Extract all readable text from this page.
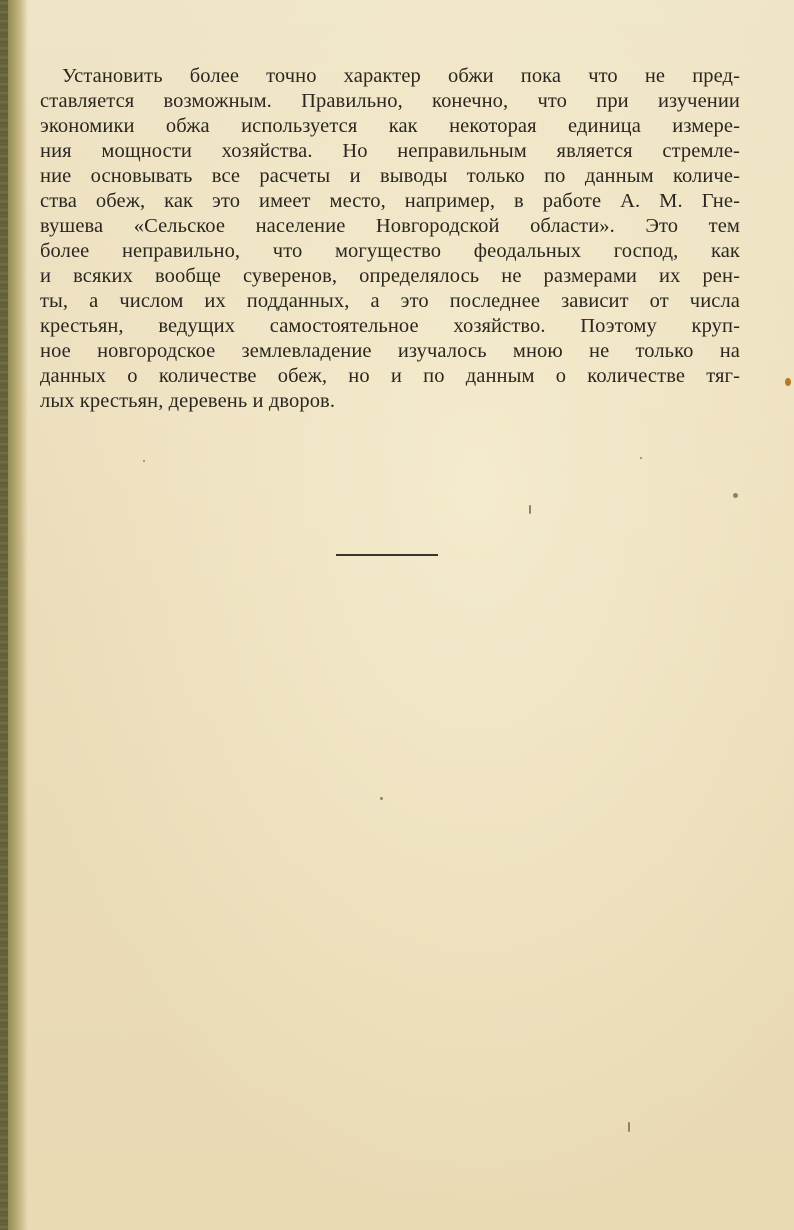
Установить более точно характер обжи пока что не пред-
ставляется возможным. Правильно, конечно, что при изучении
экономики обжа используется как некоторая единица измере-
ния мощности хозяйства. Но неправильным является стремле-
ние основывать все расчеты и выводы только по данным количе-
ства обеж, как это имеет место, например, в работе А. М. Гне-
вушева «Сельское население Новгородской области». Это тем
более неправильно, что могущество феодальных господ, как
и всяких вообще суверенов, определялось не размерами их рен-
ты, а числом их подданных, а это последнее зависит от числа
крестьян, ведущих самостоятельное хозяйство. Поэтому круп-
ное новгородское землевладение изучалось мною не только на
данных о количестве обеж, но и по данным о количестве тяг-
лых крестьян, деревень и дворов.
